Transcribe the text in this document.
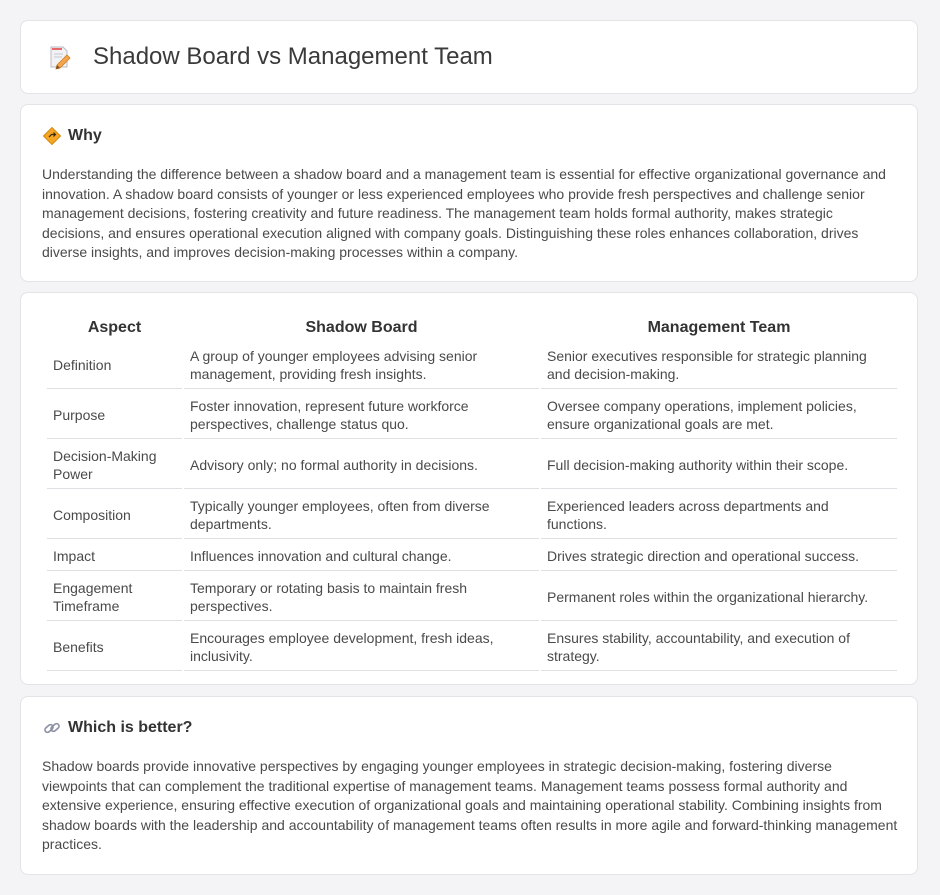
Shadow Board vs Management Team
Why

Understanding the difference between a shadow board and a management team is essential for effective organizational governance and innovation. A shadow board consists of younger or less experienced employees who provide fresh perspectives and challenge senior management decisions, fostering creativity and future readiness. The management team holds formal authority, makes strategic decisions, and ensures operational execution aligned with company goals. Distinguishing these roles enhances collaboration, drives diverse insights, and improves decision-making processes within a company.

Aspect	Shadow Board	Management Team
Definition	A group of younger employees advising senior management, providing fresh insights.	Senior executives responsible for strategic planning and decision-making.
Purpose	Foster innovation, represent future workforce perspectives, challenge status quo.	Oversee company operations, implement policies, ensure organizational goals are met.
Decision-Making Power	Advisory only; no formal authority in decisions.	Full decision-making authority within their scope.
Composition	Typically younger employees, often from diverse departments.	Experienced leaders across departments and functions.
Impact	Influences innovation and cultural change.	Drives strategic direction and operational success.
Engagement Timeframe	Temporary or rotating basis to maintain fresh perspectives.	Permanent roles within the organizational hierarchy.
Benefits	Encourages employee development, fresh ideas, inclusivity.	Ensures stability, accountability, and execution of strategy.
Which is better?

Shadow boards provide innovative perspectives by engaging younger employees in strategic decision-making, fostering diverse viewpoints that can complement the traditional expertise of management teams. Management teams possess formal authority and extensive experience, ensuring effective execution of organizational goals and maintaining operational stability. Combining insights from shadow boards with the leadership and accountability of management teams often results in more agile and forward-thinking management practices.
